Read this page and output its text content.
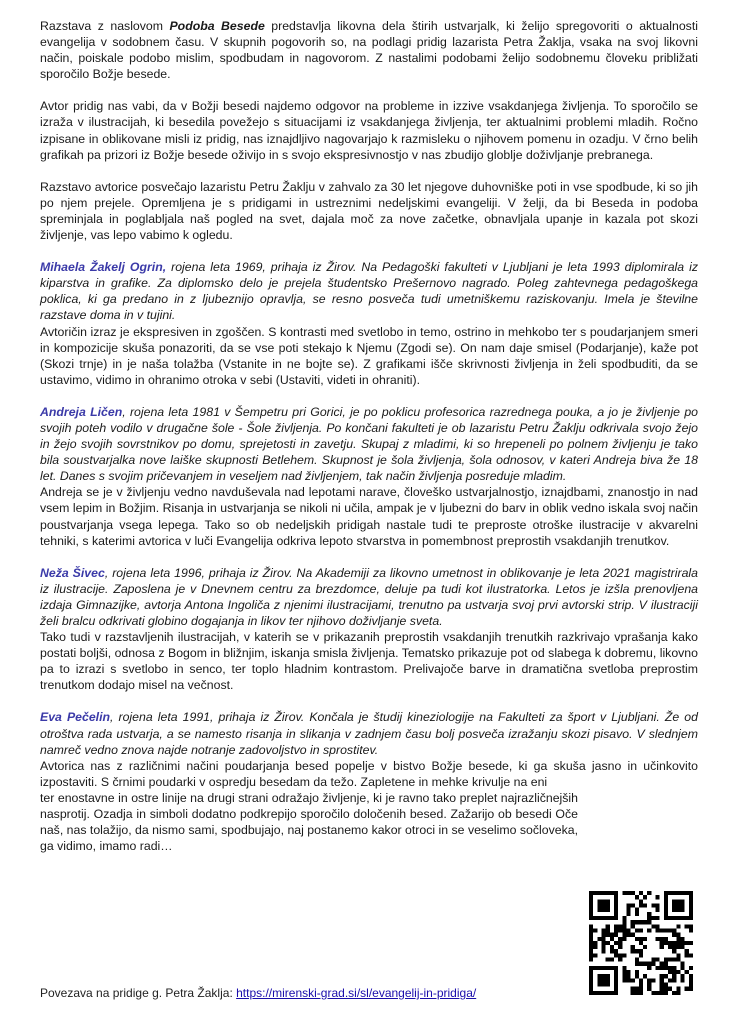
Razstava z naslovom Podoba Besede predstavlja likovna dela štirih ustvarjalk, ki želijo spregovoriti o aktualnosti evangelija v sodobnem času. V skupnih pogovorih so, na podlagi pridig lazarista Petra Žaklja, vsaka na svoj likovni način, poiskale podobo mislim, spodbudam in nagovorom. Z nastalimi podobami želijo sodobnemu človeku približati sporočilo Božje besede.

Avtor pridig nas vabi, da v Božji besedi najdemo odgovor na probleme in izzive vsakdanjega življenja. To sporočilo se izraža v ilustracijah, ki besedila povežejo s situacijami iz vsakdanjega življenja, ter aktualnimi problemi mladih. Ročno izpisane in oblikovane misli iz pridig, nas iznajdljivo nagovarjajo k razmisleku o njihovem pomenu in ozadju. V črno belih grafikah pa prizori iz Božje besede oživijo in s svojo ekspresivnostjo v nas zbudijo globlje doživljanje prebranega.

Razstavo avtorice posvečajo lazaristu Petru Žaklju v zahvalo za 30 let njegove duhovniške poti in vse spodbude, ki so jih po njem prejele. Opremljena je s pridigami in ustreznimi nedeljskimi evangeliji. V želji, da bi Beseda in podoba spreminjala in poglabljala naš pogled na svet, dajala moč za nove začetke, obnavljala upanje in kazala pot skozi življenje, vas lepo vabimo k ogledu.

Mihaela Žakelj Ogrin, rojena leta 1969, prihaja iz Žirov. Na Pedagoški fakulteti v Ljubljani je leta 1993 diplomirala iz kiparstva in grafike. Za diplomsko delo je prejela študentsko Prešernovo nagrado. Poleg zahtevnega pedagoškega poklica, ki ga predano in z ljubeznijo opravlja, se resno posveča tudi umetniškemu raziskovanju. Imela je številne razstave doma in v tujini.

Avtoričin izraz je ekspresiven in zgoščen. S kontrasti med svetlobo in temo, ostrino in mehkobo ter s poudarjanjem smeri in kompozicije skuša ponazoriti, da se vse poti stekajo k Njemu (Zgodi se). On nam daje smisel (Podarjanje), kaže pot (Skozi trnje) in je naša tolažba (Vstanite in ne bojte se). Z grafikami išče skrivnosti življenja in želi spodbuditi, da se ustavimo, vidimo in ohranimo otroka v sebi (Ustaviti, videti in ohraniti).

Andreja Ličen, rojena leta 1981 v Šempetru pri Gorici, je po poklicu profesorica razrednega pouka, a jo je življenje po svojih poteh vodilo v drugačne šole - Šole življenja. Po končani fakulteti je ob lazaristu Petru Žaklju odkrivala svojo žejo in žejo svojih sovrstnikov po domu, sprejetosti in zavetju. Skupaj z mladimi, ki so hrepeneli po polnem življenju je tako bila soustvarjalka nove laiške skupnosti Betlehem. Skupnost je šola življenja, šola odnosov, v kateri Andreja biva že 18 let. Danes s svojim pričevanjem in veseljem nad življenjem, tak način življenja posreduje mladim.

Andreja se je v življenju vedno navduševala nad lepotami narave, človeško ustvarjalnostjo, iznajdbami, znanostjo in nad vsem lepim in Božjim. Risanja in ustvarjanja se nikoli ni učila, ampak je v ljubezni do barv in oblik vedno iskala svoj način poustvarjanja vsega lepega. Tako so ob nedeljskih pridigah nastale tudi te preproste otroške ilustracije v akvarelni tehniki, s katerimi avtorica v luči Evangelija odkriva lepoto stvarstva in pomembnost preprostih vsakdanjih trenutkov.

Neža Šivec, rojena leta 1996, prihaja iz Žirov. Na Akademiji za likovno umetnost in oblikovanje je leta 2021 magistrirala iz ilustracije. Zaposlena je v Dnevnem centru za brezdomce, deluje pa tudi kot ilustratorka. Letos je izšla prenovljena izdaja Gimnazijke, avtorja Antona Ingoliča z njenimi ilustracijami, trenutno pa ustvarja svoj prvi avtorski strip. V ilustraciji želi bralcu odkrivati globino dogajanja in likov ter njihovo doživljanje sveta.

Tako tudi v razstavljenih ilustracijah, v katerih se v prikazanih preprostih vsakdanjih trenutkih razkrivajo vprašanja kako postati boljši, odnosa z Bogom in bližnjim, iskanja smisla življenja. Tematsko prikazuje pot od slabega k dobremu, likovno pa to izrazi s svetlobo in senco, ter toplo hladnim kontrastom. Prelivajoče barve in dramatična svetloba preprostim trenutkom dodajo misel na večnost.

Eva Pečelin, rojena leta 1991, prihaja iz Žirov. Končala je študij kineziologije na Fakulteti za šport v Ljubljani. Že od otroštva rada ustvarja, a se namesto risanja in slikanja v zadnjem času bolj posveča izražanju skozi pisavo. V slednjem namreč vedno znova najde notranje zadovoljstvo in sprostitev.

Avtorica nas z različnimi načini poudarjanja besed popelje v bistvo Božje besede, ki ga skuša jasno in učinkovito izpostaviti. S črnimi poudarki v ospredju besedam da težo. Zapletene in mehke krivulje na eni

ter enostavne in ostre linije na drugi strani odražajo življenje, ki je ravno tako preplet najrazličnejših nasprotij. Ozadja in simboli dodatno podkrepijo sporočilo določenih besed. Zažarijo ob besedi Oče naš, nas tolažijo, da nismo sami, spodbujajo, naj postanemo kakor otroci in se veselimo sočloveka, ga vidimo, imamo radi…

Povezava na pridige g. Petra Žaklja: https://mirenski-grad.si/sl/evangelij-in-pridiga/
